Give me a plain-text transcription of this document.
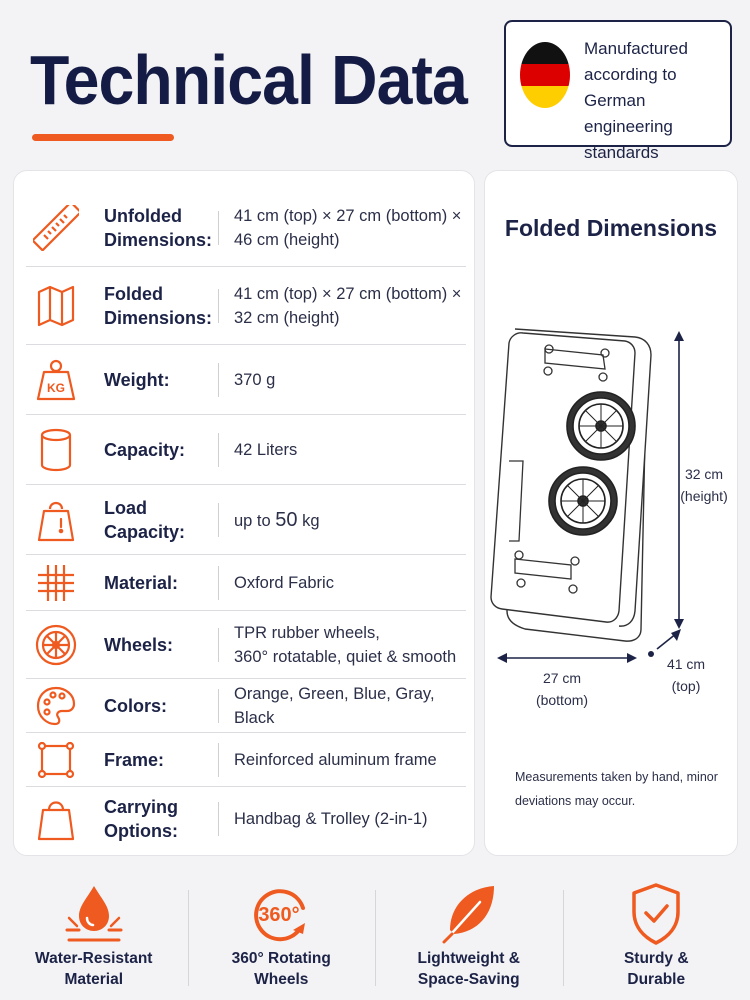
Technical Data	Manufactured according to German engineering standards
Unfolded Dimensions:
41 cm (top) × 27 cm (bottom) × 46 cm (height)
Folded Dimensions:
41 cm (top) × 27 cm (bottom) × 32 cm (height)
KG	Weight:	370 g
Capacity:	42 Liters
Load Capacity:
up to 50 kg
Material:	Oxford Fabric
Wheels:
TPR rubber wheels,
360° rotatable, quiet & smooth
Colors:
Orange, Green, Blue, Gray, Black
Frame:	Reinforced aluminum frame
Carrying Options:
Handbag & Trolley (2-in-1)
Folded Dimensions
32 cm
(height)
27 cm
(bottom)
41 cm
(top)
Measurements taken by hand, minor deviations may occur.
Water-Resistant
Material
360°
360° Rotating
Wheels
Lightweight &
Space-Saving
Sturdy &
Durable
